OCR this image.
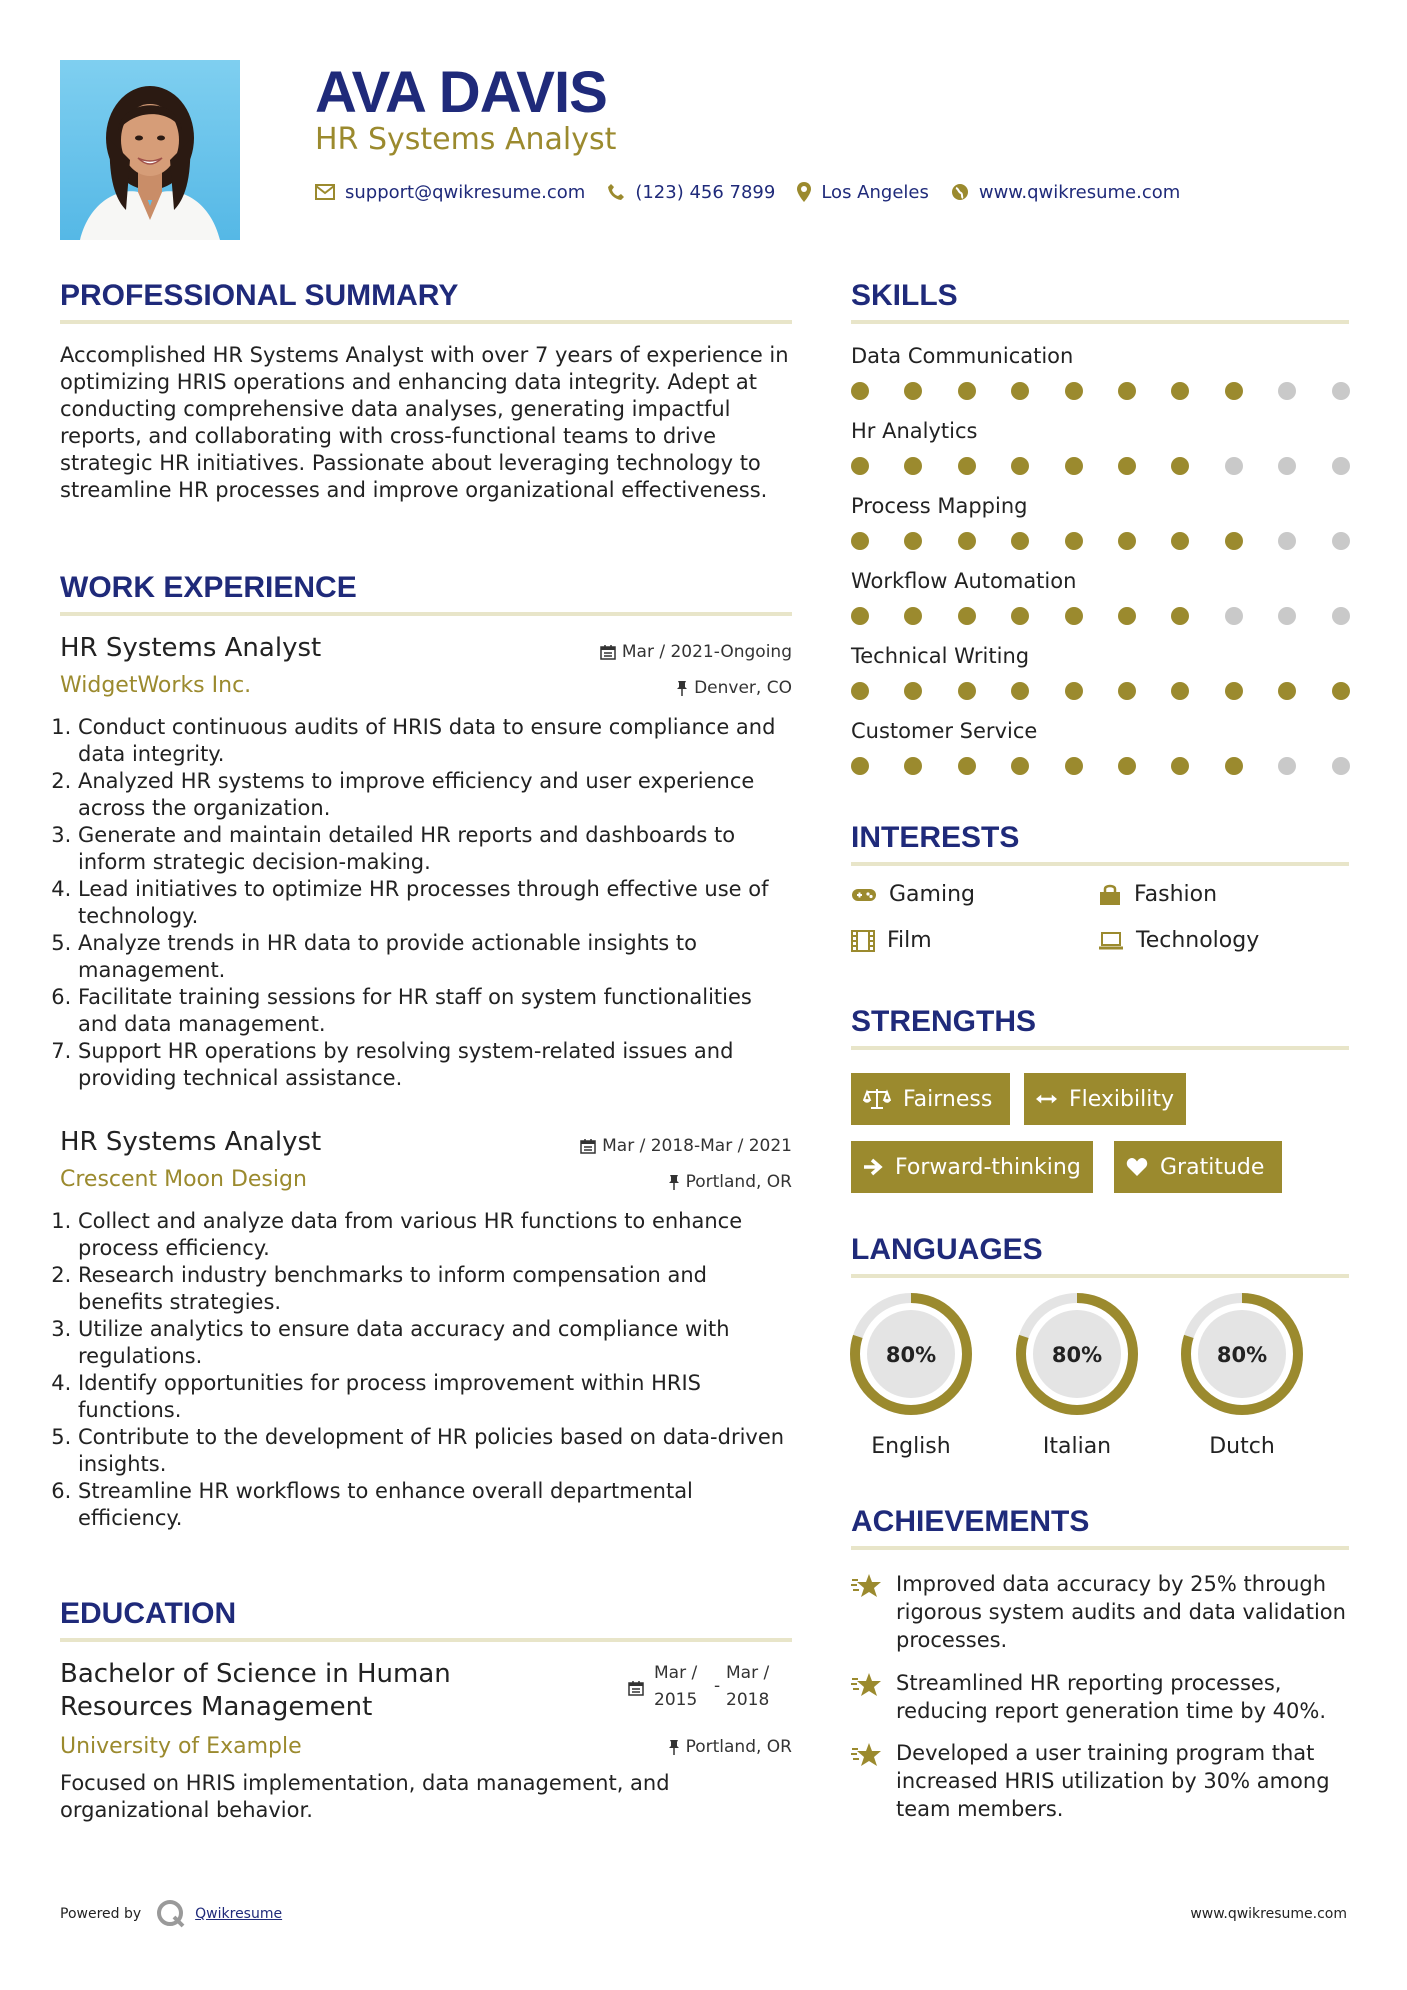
AVA DAVIS
HR Systems Analyst
support@qwikresume.com	(123) 456 7899	Los Angeles	www.qwikresume.com
PROFESSIONAL SUMMARY
Accomplished HR Systems Analyst with over 7 years of experience in optimizing HRIS operations and enhancing data integrity. Adept at conducting comprehensive data analyses, generating impactful reports, and collaborating with cross-functional teams to drive strategic HR initiatives. Passionate about leveraging technology to streamline HR processes and improve organizational effectiveness.
WORK EXPERIENCE
HR Systems Analyst	Mar / 2021-Ongoing
WidgetWorks Inc.	Denver, CO
1. Conduct continuous audits of HRIS data to ensure compliance and data integrity.
2. Analyzed HR systems to improve efficiency and user experience across the organization.
3. Generate and maintain detailed HR reports and dashboards to inform strategic decision-making.
4. Lead initiatives to optimize HR processes through effective use of technology.
5. Analyze trends in HR data to provide actionable insights to management.
6. Facilitate training sessions for HR staff on system functionalities and data management.
7. Support HR operations by resolving system-related issues and providing technical assistance.
HR Systems Analyst	Mar / 2018-Mar / 2021
Crescent Moon Design	Portland, OR
1. Collect and analyze data from various HR functions to enhance process efficiency.
2. Research industry benchmarks to inform compensation and benefits strategies.
3. Utilize analytics to ensure data accuracy and compliance with regulations.
4. Identify opportunities for process improvement within HRIS functions.
5. Contribute to the development of HR policies based on data-driven insights.
6. Streamline HR workflows to enhance overall departmental efficiency.
EDUCATION
Bachelor of Science in Human Resources Management
Mar /
2015
-
Mar /
2018
University of Example	Portland, OR
Focused on HRIS implementation, data management, and organizational behavior.
SKILLS
Data Communication
Hr Analytics
Process Mapping
Workflow Automation
Technical Writing
Customer Service
INTERESTS
Gaming	Fashion
Film	Technology
STRENGTHS
Fairness	Flexibility
Forward-thinking	Gratitude
LANGUAGES
80%
English
80%
Italian
80%
Dutch
ACHIEVEMENTS
Improved data accuracy by 25% through rigorous system audits and data validation processes.
Streamlined HR reporting processes, reducing report generation time by 40%.
Developed a user training program that increased HRIS utilization by 30% among team members.
Powered by	Qwikresume	www.qwikresume.com
